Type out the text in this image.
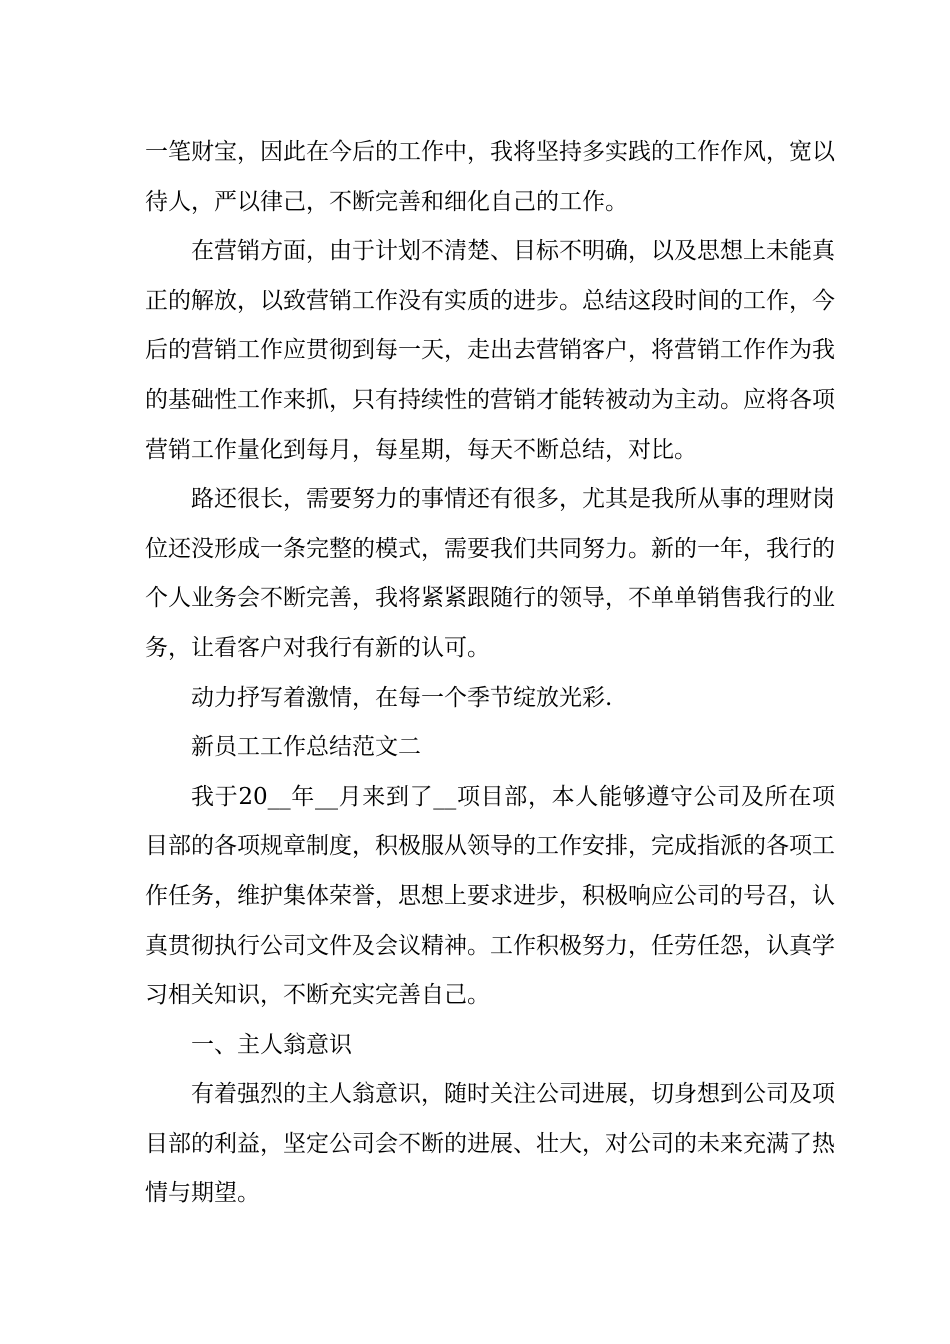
一笔财宝，因此在今后的工作中，我将坚持多实践的工作作风，宽以待人，严以律己，不断完善和细化自己的工作。

在营销方面，由于计划不清楚、目标不明确，以及思想上未能真正的解放，以致营销工作没有实质的进步。总结这段时间的工作，今后的营销工作应贯彻到每一天，走出去营销客户，将营销工作作为我的基础性工作来抓，只有持续性的营销才能转被动为主动。应将各项营销工作量化到每月，每星期，每天不断总结，对比。

路还很长，需要努力的事情还有很多，尤其是我所从事的理财岗位还没形成一条完整的模式，需要我们共同努力。新的一年，我行的个人业务会不断完善，我将紧紧跟随行的领导，不单单销售我行的业务，让看客户对我行有新的认可。

动力抒写着激情，在每一个季节绽放光彩.

新员工工作总结范文二

我于20__年__月来到了__项目部，本人能够遵守公司及所在项目部的各项规章制度，积极服从领导的工作安排，完成指派的各项工作任务，维护集体荣誉，思想上要求进步，积极响应公司的号召，认真贯彻执行公司文件及会议精神。工作积极努力，任劳任怨，认真学习相关知识，不断充实完善自己。

一、主人翁意识

有着强烈的主人翁意识，随时关注公司进展，切身想到公司及项目部的利益，坚定公司会不断的进展、壮大，对公司的未来充满了热情与期望。
